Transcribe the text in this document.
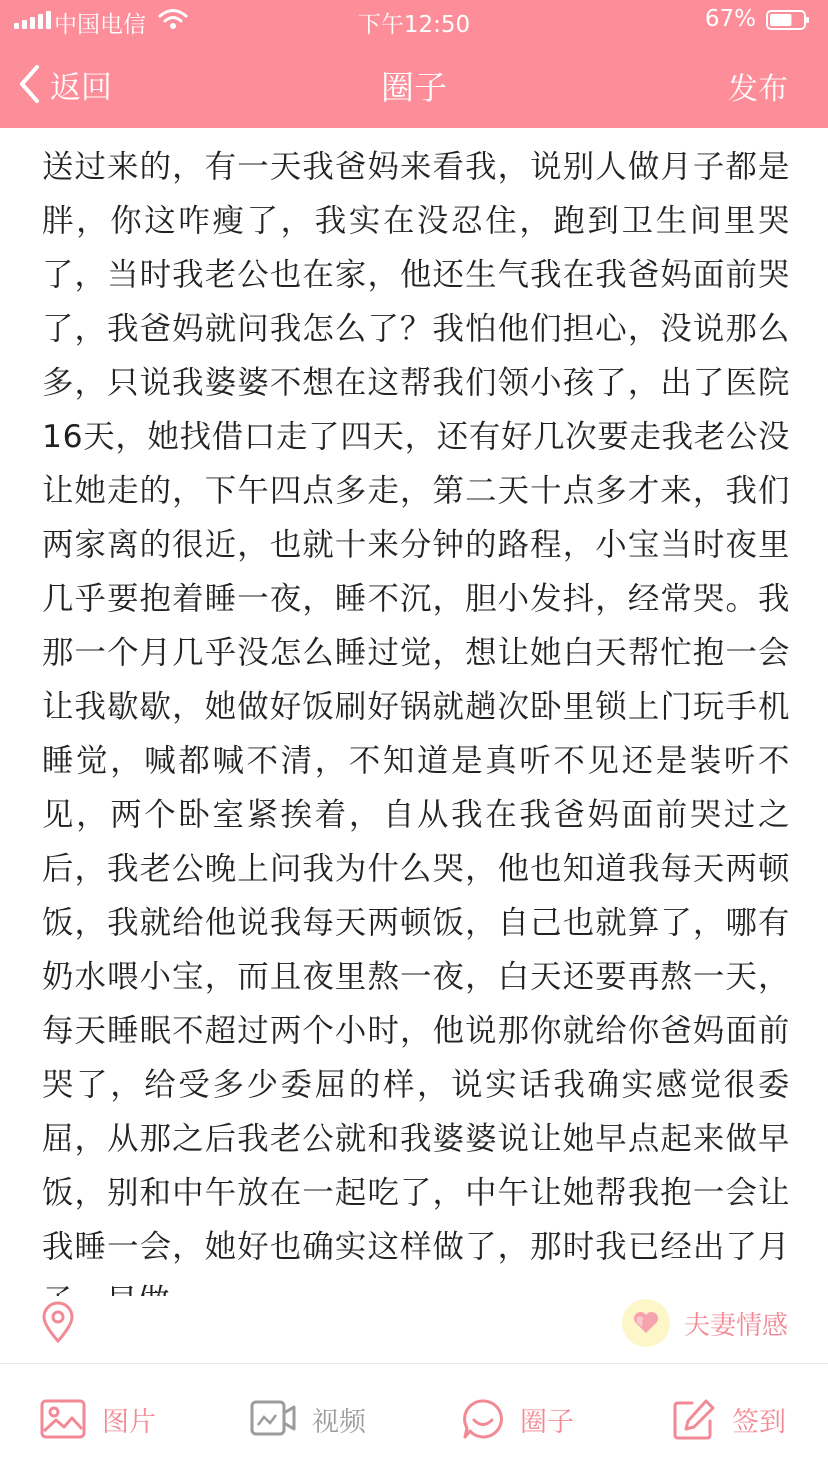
中国电信	下午12:50	67%
返回	圈子	发布

送过来的，有一天我爸妈来看我，说别人做月子都是胖，你这咋瘦了，我实在没忍住，跑到卫生间里哭了，当时我老公也在家，他还生气我在我爸妈面前哭了，我爸妈就问我怎么了？我怕他们担心，没说那么多，只说我婆婆不想在这帮我们领小孩了，出了医院16天，她找借口走了四天，还有好几次要走我老公没让她走的，下午四点多走，第二天十点多才来，我们两家离的很近，也就十来分钟的路程，小宝当时夜里几乎要抱着睡一夜，睡不沉，胆小发抖，经常哭。我那一个月几乎没怎么睡过觉，想让她白天帮忙抱一会让我歇歇，她做好饭刷好锅就趟次卧里锁上门玩手机睡觉，喊都喊不清，不知道是真听不见还是装听不见，两个卧室紧挨着，自从我在我爸妈面前哭过之后，我老公晚上问我为什么哭，他也知道我每天两顿饭，我就给他说我每天两顿饭，自己也就算了，哪有奶水喂小宝，而且夜里熬一夜，白天还要再熬一天，每天睡眠不超过两个小时，他说那你就给你爸妈面前哭了，给受多少委屈的样，说实话我确实感觉很委屈，从那之后我老公就和我婆婆说让她早点起来做早饭，别和中午放在一起吃了，中午让她帮我抱一会让我睡一会，她好也确实这样做了，那时我已经出了月

夫妻情感
图片	视频	圈子	签到
